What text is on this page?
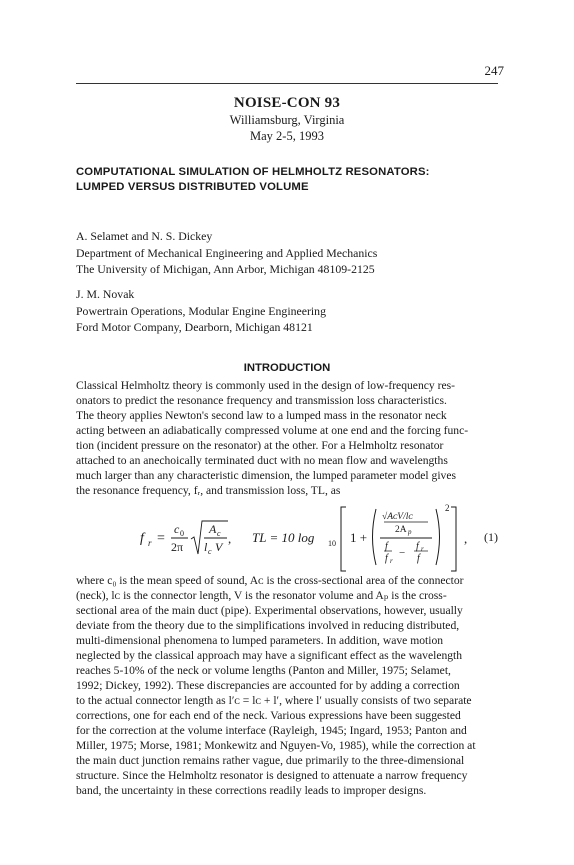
247
NOISE-CON 93
Williamsburg, Virginia
May 2-5, 1993
COMPUTATIONAL SIMULATION OF HELMHOLTZ RESONATORS:
LUMPED VERSUS DISTRIBUTED VOLUME
A. Selamet and N. S. Dickey
Department of Mechanical Engineering and Applied Mechanics
The University of Michigan, Ann Arbor, Michigan 48109-2125
J. M. Novak
Powertrain Operations, Modular Engine Engineering
Ford Motor Company, Dearborn, Michigan 48121
INTRODUCTION
Classical Helmholtz theory is commonly used in the design of low-frequency res-
onators to predict the resonance frequency and transmission loss characteristics.
The theory applies Newton's second law to a lumped mass in the resonator neck
acting between an adiabatically compressed volume at one end and the forcing func-
tion (incident pressure on the resonator) at the other. For a Helmholtz resonator
attached to an anechoically terminated duct with no mean flow and wavelengths
much larger than any characteristic dimension, the lumped parameter model gives
the resonance frequency, fᵣ, and transmission loss, TL, as
f r =
c 0
2π
A c
l c V
, TL = 10 log 10 1 +
√AᴄV/lᴄ
2A p
f
f r
−
f r
f
2
, (1)
where c₀ is the mean speed of sound, Aᴄ is the cross-sectional area of the connector
(neck), lᴄ is the connector length, V is the resonator volume and Aₚ is the cross-
sectional area of the main duct (pipe). Experimental observations, however, usually
deviate from the theory due to the simplifications involved in reducing distributed,
multi-dimensional phenomena to lumped parameters. In addition, wave motion
neglected by the classical approach may have a significant effect as the wavelength
reaches 5-10% of the neck or volume lengths (Panton and Miller, 1975; Selamet,
1992; Dickey, 1992). These discrepancies are accounted for by adding a correction
to the actual connector length as l′ᴄ = lᴄ + l′, where l′ usually consists of two separate
corrections, one for each end of the neck. Various expressions have been suggested
for the correction at the volume interface (Rayleigh, 1945; Ingard, 1953; Panton and
Miller, 1975; Morse, 1981; Monkewitz and Nguyen-Vo, 1985), while the correction at
the main duct junction remains rather vague, due primarily to the three-dimensional
structure. Since the Helmholtz resonator is designed to attenuate a narrow frequency
band, the uncertainty in these corrections readily leads to improper designs.
